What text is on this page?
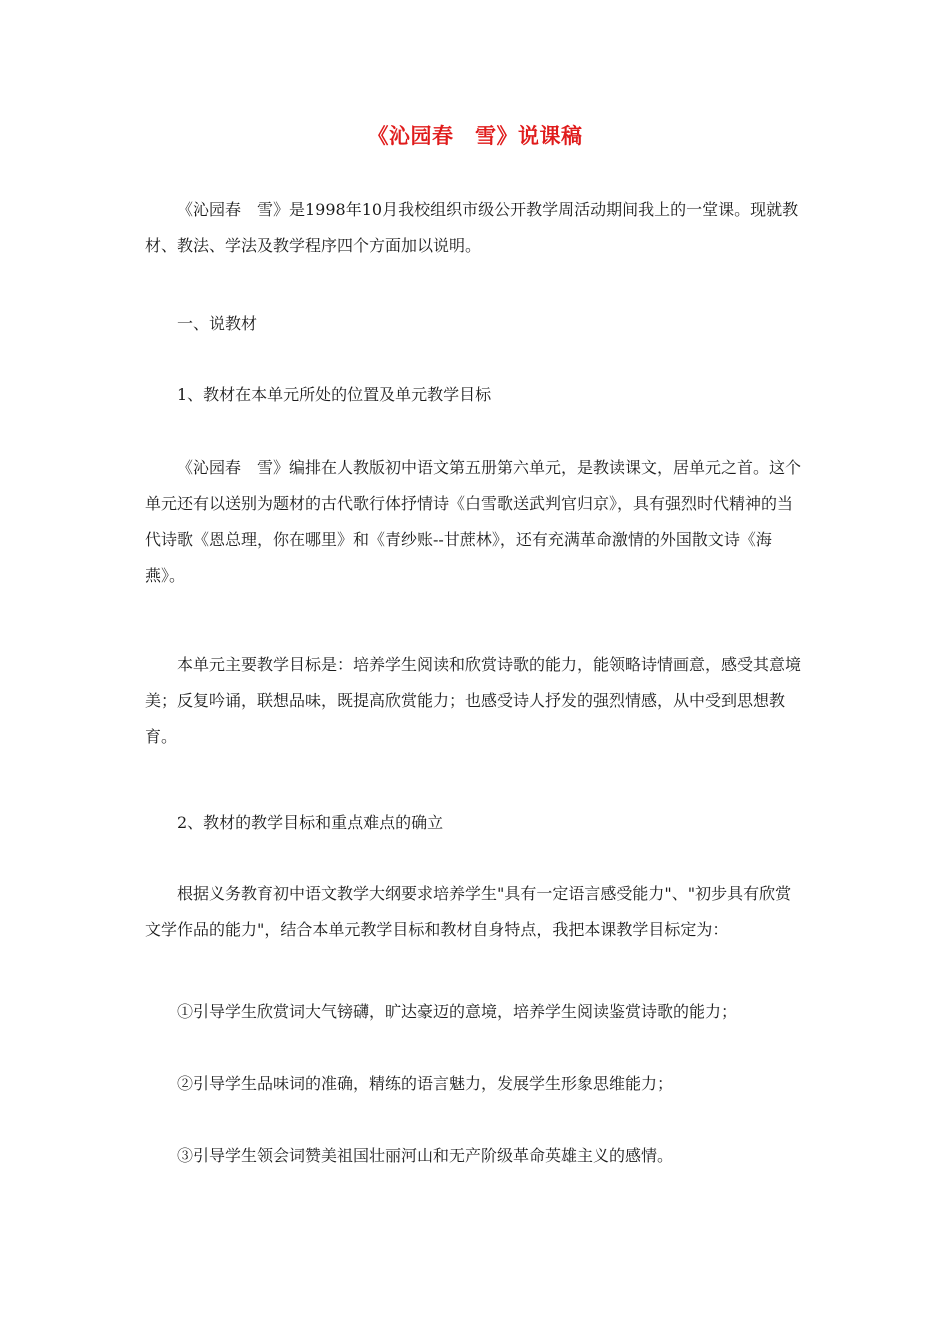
《沁园春　雪》说课稿

《沁园春　雪》是1998年10月我校组织市级公开教学周活动期间我上的一堂课。现就教材、教法、学法及教学程序四个方面加以说明。

一、说教材

1、教材在本单元所处的位置及单元教学目标

《沁园春　雪》编排在人教版初中语文第五册第六单元，是教读课文，居单元之首。这个单元还有以送别为题材的古代歌行体抒情诗《白雪歌送武判官归京》，具有强烈时代精神的当代诗歌《恩总理，你在哪里》和《青纱账--甘蔗林》，还有充满革命激情的外国散文诗《海燕》。

本单元主要教学目标是：培养学生阅读和欣赏诗歌的能力，能领略诗情画意，感受其意境美；反复吟诵，联想品味，既提高欣赏能力；也感受诗人抒发的强烈情感，从中受到思想教育。

2、教材的教学目标和重点难点的确立

根据义务教育初中语文教学大纲要求培养学生"具有一定语言感受能力"、"初步具有欣赏文学作品的能力"，结合本单元教学目标和教材自身特点，我把本课教学目标定为：

①引导学生欣赏词大气镑礴，旷达豪迈的意境，培养学生阅读鉴赏诗歌的能力；

②引导学生品味词的准确，精练的语言魅力，发展学生形象思维能力；

③引导学生领会词赞美祖国壮丽河山和无产阶级革命英雄主义的感情。
